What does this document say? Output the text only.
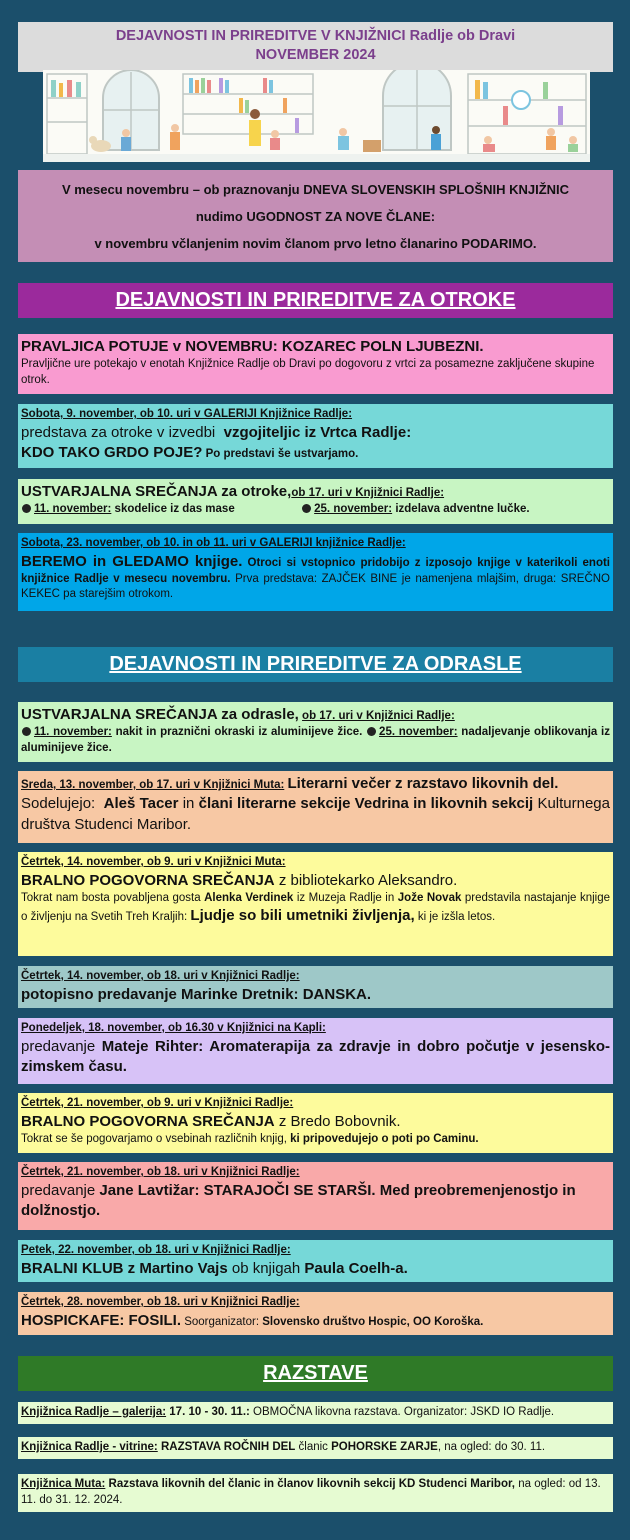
DEJAVNOSTI IN PRIREDITVE V KNJIŽNICI Radlje ob Dravi
NOVEMBER 2024
V mesecu novembru – ob praznovanju DNEVA SLOVENSKIH SPLOŠNIH KNJIŽNIC
nudimo UGODNOST ZA NOVE ČLANE:
v novembru včlanjenim novim članom prvo letno članarino PODARIMO.
DEJAVNOSTI IN PRIREDITVE ZA OTROKE
PRAVLJICA POTUJE v NOVEMBRU: KOZAREC POLN LJUBEZNI.
Pravljične ure potekajo v enotah Knjižnice Radlje ob Dravi po dogovoru z vrtci za posamezne zaključene skupine otrok.
Sobota, 9. november, ob 10. uri v GALERIJI Knjižnice Radlje:
predstava za otroke v izvedbi vzgojiteljic iz Vrtca Radlje:
KDO TAKO GRDO POJE? Po predstavi še ustvarjamo.
USTVARJALNA SREČANJA za otroke,ob 17. uri v Knjižnici Radlje:
11. november: skodelice iz das mase	25. november: izdelava adventne lučke.
Sobota, 23. november, ob 10. in ob 11. uri v GALERIJI knjižnice Radlje:
BEREMO in GLEDAMO knjige. Otroci si vstopnico pridobijo z izposojo knjige v katerikoli enoti knjižnice Radlje v mesecu novembru. Prva predstava: ZAJČEK BINE je namenjena mlajšim, druga: SREČNO KEKEC pa starejšim otrokom.
DEJAVNOSTI IN PRIREDITVE ZA ODRASLE
USTVARJALNA SREČANJA za odrasle, ob 17. uri v Knjižnici Radlje:
11. november: nakit in praznični okraski iz aluminijeve žice. 25. november: nadaljevanje oblikovanja iz aluminijeve žice.
Sreda, 13. november, ob 17. uri v Knjižnici Muta: Literarni večer z razstavo likovnih del.
Sodelujejo: Aleš Tacer in člani literarne sekcije Vedrina in likovnih sekcij Kulturnega društva Studenci Maribor.
Četrtek, 14. november, ob 9. uri v Knjižnici Muta:
BRALNO POGOVORNA SREČANJA z bibliotekarko Aleksandro.
Tokrat nam bosta povabljena gosta Alenka Verdinek iz Muzeja Radlje in Jože Novak predstavila nastajanje knjige o življenju na Svetih Treh Kraljih: Ljudje so bili umetniki življenja, ki je izšla letos.
Četrtek, 14. november, ob 18. uri v Knjižnici Radlje:
potopisno predavanje Marinke Dretnik: DANSKA.
Ponedeljek, 18. november, ob 16.30 v Knjižnici na Kapli:
predavanje Mateje Rihter: Aromaterapija za zdravje in dobro počutje v jesensko-zimskem času.
Četrtek, 21. november, ob 9. uri v Knjižnici Radlje:
BRALNO POGOVORNA SREČANJA z Bredo Bobovnik.
Tokrat se še pogovarjamo o vsebinah različnih knjig, ki pripovedujejo o poti po Caminu.
Četrtek, 21. november, ob 18. uri v Knjižnici Radlje:
predavanje Jane Lavtižar: STARAJOČI SE STARŠI. Med preobremenjenostjo in dolžnostjo.
Petek, 22. november, ob 18. uri v Knjižnici Radlje:
BRALNI KLUB z Martino Vajs ob knjigah Paula Coelh-a.
Četrtek, 28. november, ob 18. uri v Knjižnici Radlje:
HOSPICKAFE: FOSILI. Soorganizator: Slovensko društvo Hospic, OO Koroška.
RAZSTAVE
Knjižnica Radlje – galerija: 17. 10 - 30. 11.: OBMOČNA likovna razstava. Organizator: JSKD IO Radlje.
Knjižnica Radlje - vitrine: RAZSTAVA ROČNIH DEL članic POHORSKE ZARJE, na ogled: do 30. 11.
Knjižnica Muta: Razstava likovnih del članic in članov likovnih sekcij KD Studenci Maribor, na ogled: od 13. 11. do 31. 12. 2024.
